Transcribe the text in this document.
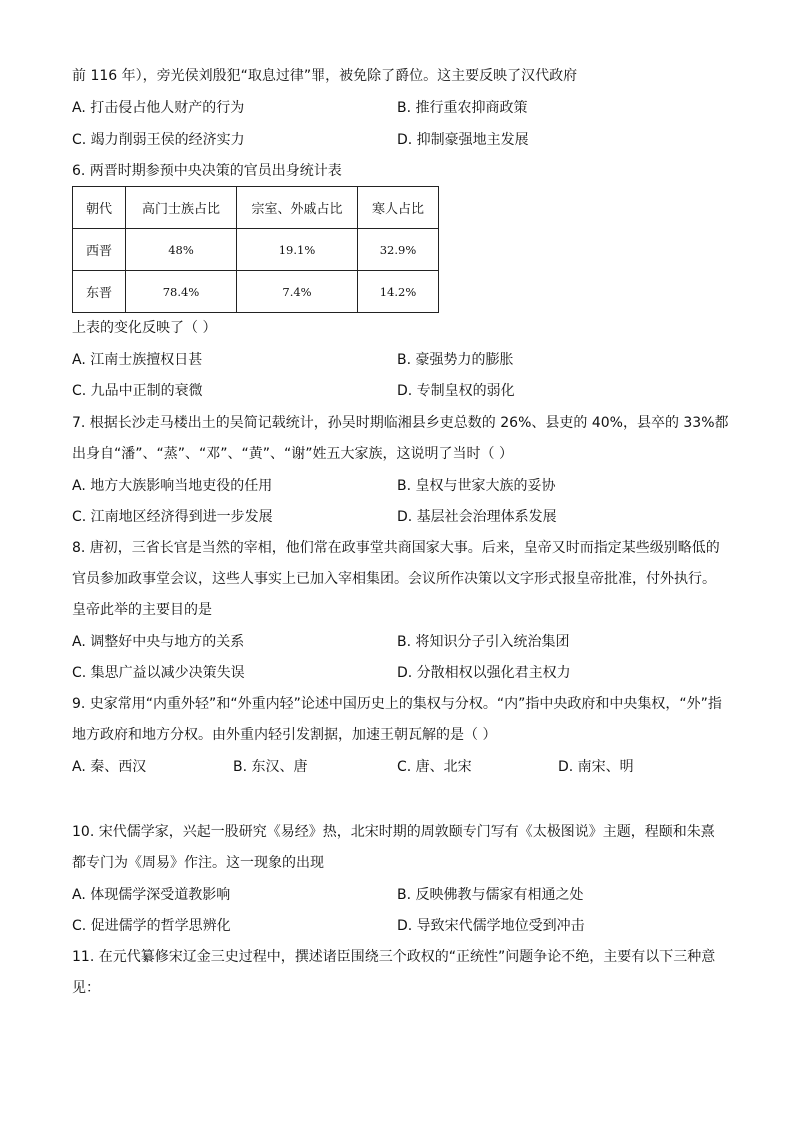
前 116 年），旁光侯刘殷犯“取息过律”罪，被免除了爵位。这主要反映了汉代政府
A. 打击侵占他人财产的行为	B. 推行重农抑商政策
C. 竭力削弱王侯的经济实力	D. 抑制豪强地主发展
6. 两晋时期参预中央决策的官员出身统计表
朝代	高门士族占比	宗室、外戚占比	寒人占比
西晋	48%	19.1%	32.9%
东晋	78.4%	7.4%	14.2%
上表的变化反映了（ ）
A. 江南士族擅权日甚	B. 豪强势力的膨胀
C. 九品中正制的衰微	D. 专制皇权的弱化
7. 根据长沙走马楼出土的吴简记载统计，孙吴时期临湘县乡吏总数的 26%、县吏的 40%，县卒的 33%都
出身自“潘”、“蒸”、“邓”、“黄”、“谢”姓五大家族，这说明了当时（ ）
A. 地方大族影响当地吏役的任用	B. 皇权与世家大族的妥协
C. 江南地区经济得到进一步发展	D. 基层社会治理体系发展
8. 唐初，三省长官是当然的宰相，他们常在政事堂共商国家大事。后来，皇帝又时而指定某些级别略低的
官员参加政事堂会议，这些人事实上已加入宰相集团。会议所作决策以文字形式报皇帝批准，付外执行。
皇帝此举的主要目的是
A. 调整好中央与地方的关系	B. 将知识分子引入统治集团
C. 集思广益以减少决策失误	D. 分散相权以强化君主权力
9. 史家常用“内重外轻”和“外重内轻”论述中国历史上的集权与分权。“内”指中央政府和中央集权，“外”指
地方政府和地方分权。由外重内轻引发割据，加速王朝瓦解的是（ ）
A. 秦、西汉	B. 东汉、唐	C. 唐、北宋	D. 南宋、明
10. 宋代儒学家，兴起一股研究《易经》热，北宋时期的周敦颐专门写有《太极图说》主题，程颐和朱熹
都专门为《周易》作注。这一现象的出现
A. 体现儒学深受道教影响	B. 反映佛教与儒家有相通之处
C. 促进儒学的哲学思辨化	D. 导致宋代儒学地位受到冲击
11. 在元代纂修宋辽金三史过程中，撰述诸臣围绕三个政权的“正统性”问题争论不绝，主要有以下三种意
见：
